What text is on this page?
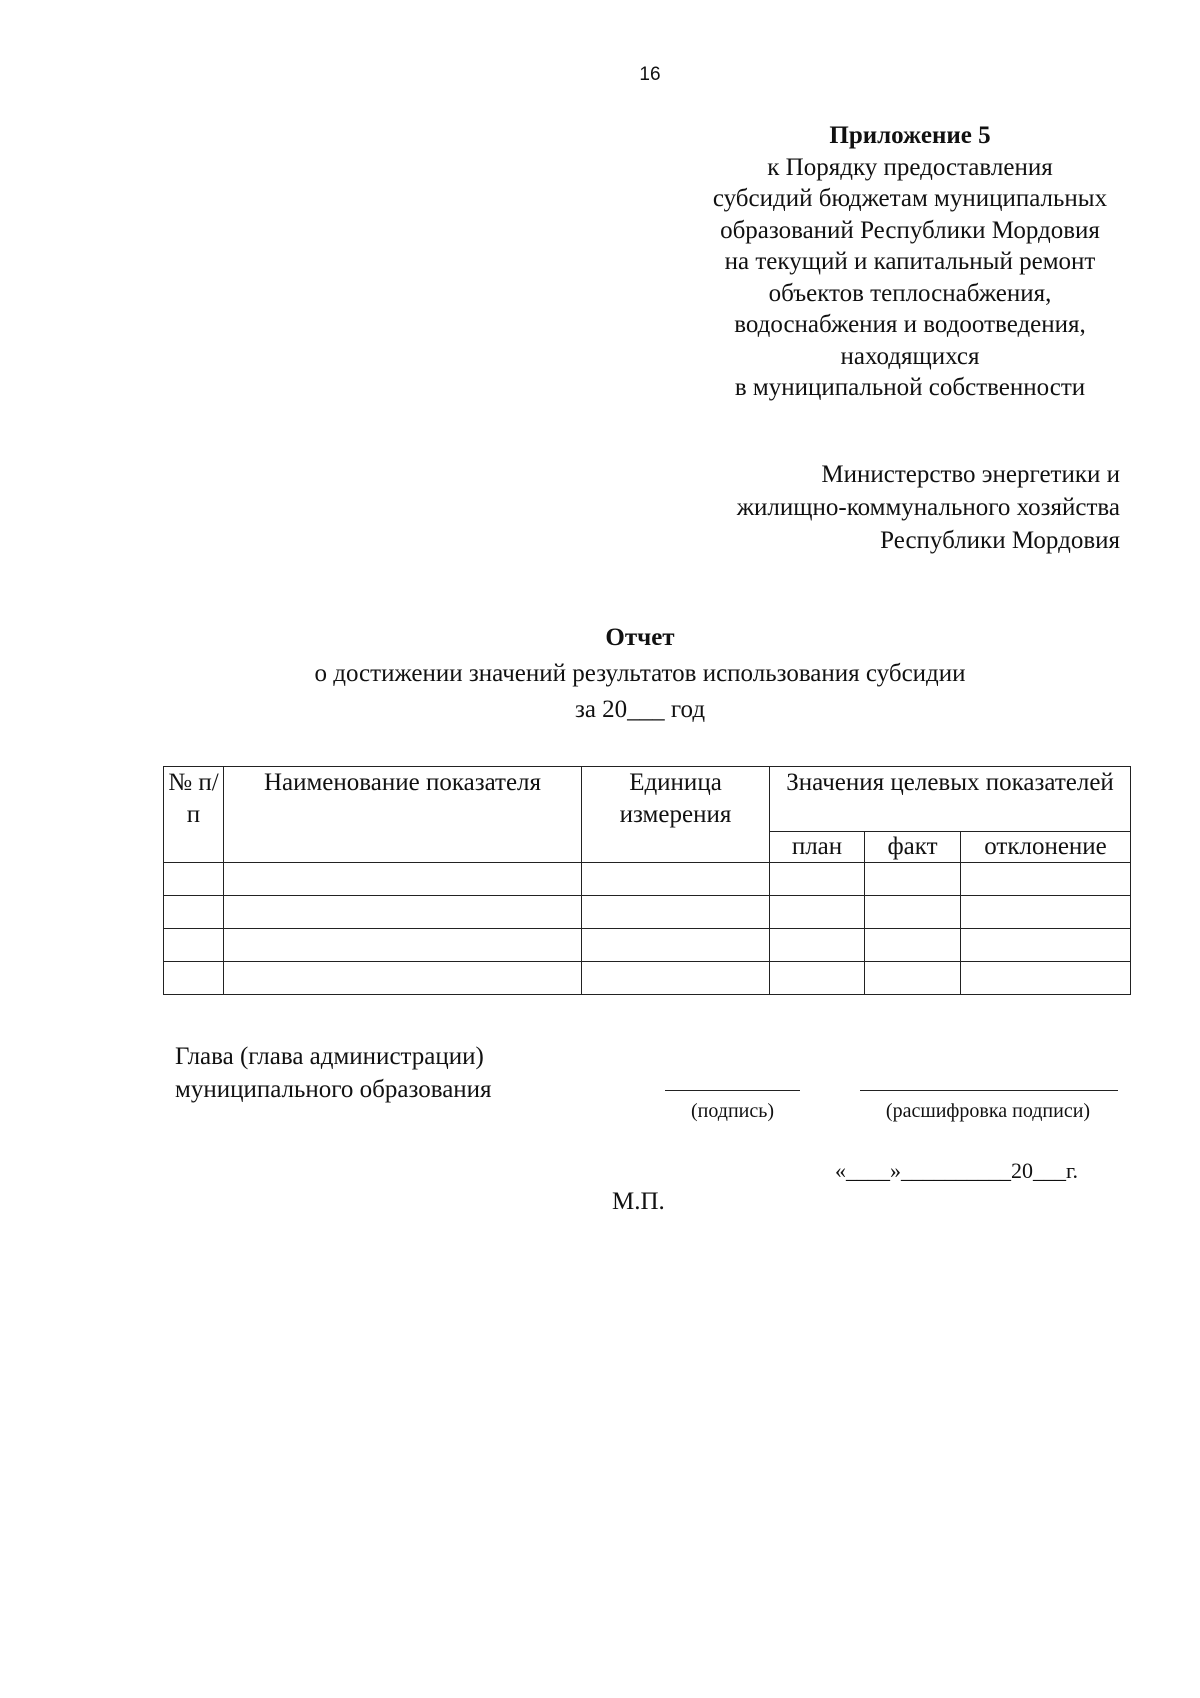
16
Приложение 5
к Порядку предоставления
субсидий бюджетам муниципальных
образований Республики Мордовия
на текущий и капитальный ремонт
объектов теплоснабжения,
водоснабжения и водоотведения,
находящихся
в муниципальной собственности
Министерство энергетики и
жилищно-коммунального хозяйства
Республики Мордовия
Отчет
о достижении значений результатов использования субсидии
за 20___ год
№ п/п	Наименование показателя	Единица измерения	Значения целевых показателей		
			план	факт	отклонение

Глава (глава администрации)
муниципального образования
(подпись)	(расшифровка подписи)
«____»__________20___г.
М.П.
